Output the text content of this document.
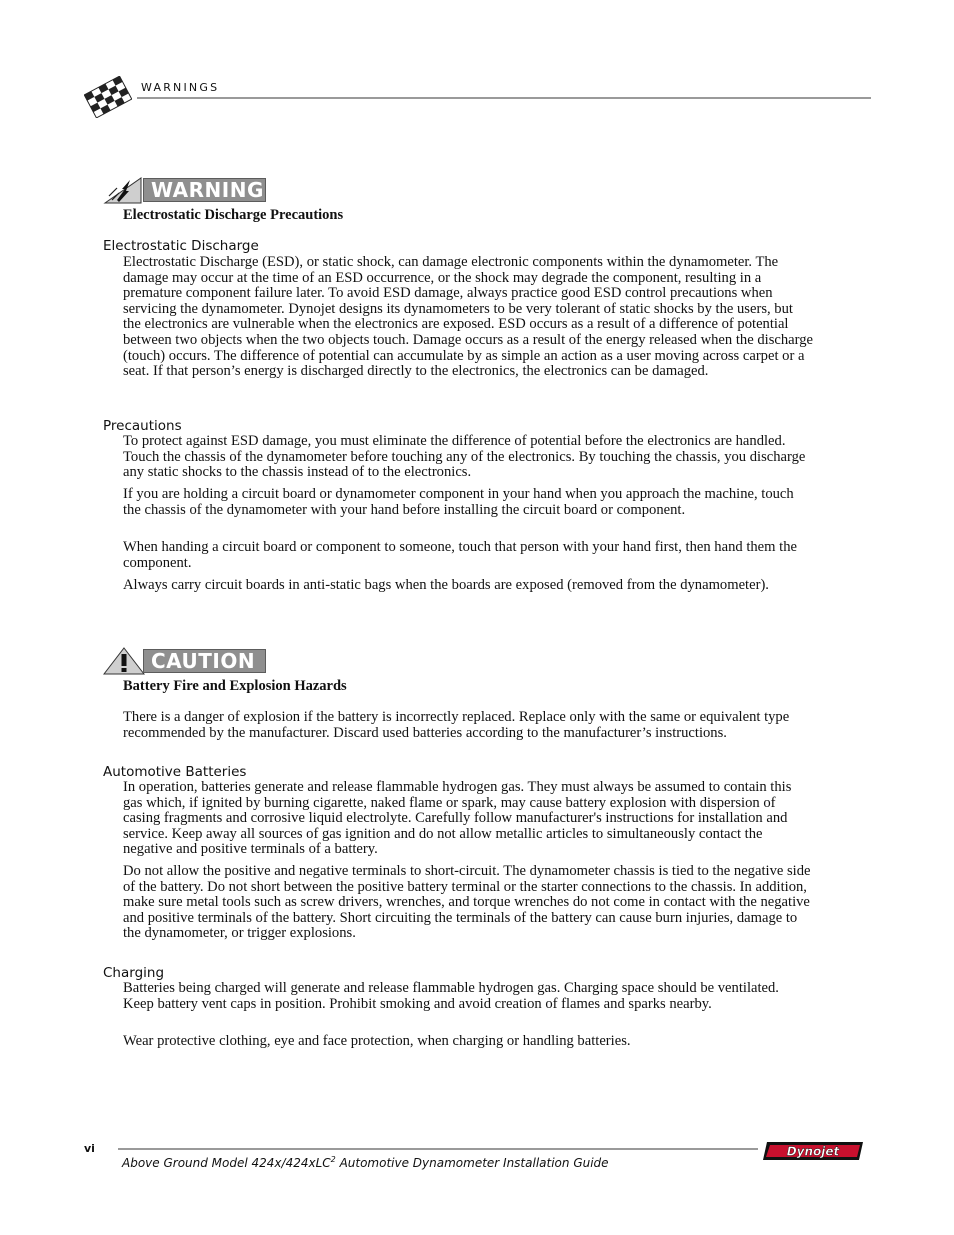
WARNINGS
WARNING
Electrostatic Discharge Precautions
Electrostatic Discharge

Electrostatic Discharge (ESD), or static shock, can damage electronic components within the dynamometer. The damage may occur at the time of an ESD occurrence, or the shock may degrade the component, resulting in a premature component failure later. To avoid ESD damage, always practice good ESD control precautions when servicing the dynamometer. Dynojet designs its dynamometers to be very tolerant of static shocks by the users, but the electronics are vulnerable when the electronics are exposed. ESD occurs as a result of a difference of potential between two objects when the two objects touch. Damage occurs as a result of the energy released when the discharge (touch) occurs. The difference of potential can accumulate by as simple an action as a user moving across carpet or a seat. If that person’s energy is discharged directly to the electronics, the electronics can be damaged.

Precautions

To protect against ESD damage, you must eliminate the difference of potential before the electronics are handled. Touch the chassis of the dynamometer before touching any of the electronics. By touching the chassis, you discharge any static shocks to the chassis instead of to the electronics.

If you are holding a circuit board or dynamometer component in your hand when you approach the machine, touch the chassis of the dynamometer with your hand before installing the circuit board or component.

When handing a circuit board or component to someone, touch that person with your hand first, then hand them the component.

Always carry circuit boards in anti-static bags when the boards are exposed (removed from the dynamometer).

CAUTION
Battery Fire and Explosion Hazards

There is a danger of explosion if the battery is incorrectly replaced. Replace only with the same or equivalent type recommended by the manufacturer. Discard used batteries according to the manufacturer’s instructions.

Automotive Batteries

In operation, batteries generate and release flammable hydrogen gas. They must always be assumed to contain this gas which, if ignited by burning cigarette, naked flame or spark, may cause battery explosion with dispersion of casing fragments and corrosive liquid electrolyte. Carefully follow manufacturer's instructions for installation and service. Keep away all sources of gas ignition and do not allow metallic articles to simultaneously contact the negative and positive terminals of a battery.

Do not allow the positive and negative terminals to short-circuit. The dynamometer chassis is tied to the negative side of the battery. Do not short between the positive battery terminal or the starter connections to the chassis. In addition, make sure metal tools such as screw drivers, wrenches, and torque wrenches do not come in contact with the negative and positive terminals of the battery. Short circuiting the terminals of the battery can cause burn injuries, damage to the dynamometer, or trigger explosions.

Charging

Batteries being charged will generate and release flammable hydrogen gas. Charging space should be ventilated. Keep battery vent caps in position. Prohibit smoking and avoid creation of flames and sparks nearby.

Wear protective clothing, eye and face protection, when charging or handling batteries.

vi
Above Ground Model 424x/424xLC$^2$ Automotive Dynamometer Installation Guide
Dynojet
